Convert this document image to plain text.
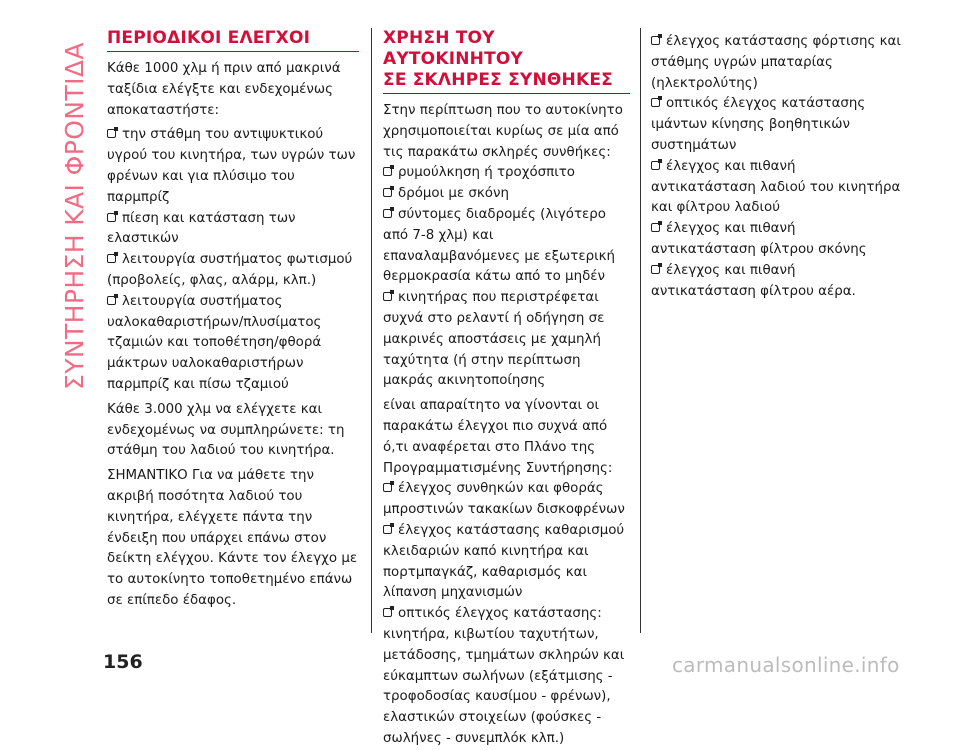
ΣΥΝΤΗΡΗΣΗ ΚΑΙ ΦΡΟΝΤΙΔΑ
ΠΕΡΙΟΔΙΚΟΙ ΕΛΕΓΧΟΙ

Κάθε 1000 χλμ ή πριν από μακρινά ταξίδια ελέγξτε και ενδεχομένως αποκαταστήστε:

την στάθμη του αντιψυκτικού υγρού του κινητήρα, των υγρών των φρένων και για πλύσιμο του παρμπρίζ
πίεση και κατάσταση των ελαστικών
λειτουργία συστήματος φωτισμού (προβολείς, φλας, αλάρμ, κλπ.)
λειτουργία συστήματος υαλοκαθαριστήρων/πλυσίματος τζαμιών και τοποθέτηση/φθορά μάκτρων υαλοκαθαριστήρων παρμπρίζ και πίσω τζαμιού

Κάθε 3.000 χλμ να ελέγχετε και ενδεχομένως να συμπληρώνετε: τη στάθμη του λαδιού του κινητήρα.

ΣΗΜΑΝΤΙΚΟ Για να μάθετε την ακριβή ποσότητα λαδιού του κινητήρα, ελέγχετε πάντα την ένδειξη που υπάρχει επάνω στον δείκτη ελέγχου. Κάντε τον έλεγχο με το αυτοκίνητο τοποθετημένο επάνω σε επίπεδο έδαφος.

ΧΡΗΣΗ ΤΟΥ ΑΥΤΟΚΙΝΗΤΟΥ
ΣΕ ΣΚΛΗΡΕΣ ΣΥΝΘΗΚΕΣ

Στην περίπτωση που το αυτοκίνητο χρησιμοποιείται κυρίως σε μία από τις παρακάτω σκληρές συνθήκες:

ρυμούλκηση ή τροχόσπιτο
δρόμοι με σκόνη
σύντομες διαδρομές (λιγότερο από 7-8 χλμ) και επαναλαμβανόμενες με εξωτερική θερμοκρασία κάτω από το μηδέν
κινητήρας που περιστρέφεται συχνά στο ρελαντί ή οδήγηση σε μακρινές αποστάσεις με χαμηλή ταχύτητα (ή στην περίπτωση μακράς ακινητοποίησης

είναι απαραίτητο να γίνονται οι παρακάτω έλεγχοι πιο συχνά από ό,τι αναφέρεται στο Πλάνο της Προγραμματισμένης Συντήρησης:

έλεγχος συνθηκών και φθοράς μπροστινών τακακίων δισκοφρένων
έλεγχος κατάστασης καθαρισμού κλειδαριών καπό κινητήρα και πορτμπαγκάζ, καθαρισμός και λίπανση μηχανισμών
οπτικός έλεγχος κατάστασης: κινητήρα, κιβωτίου ταχυτήτων, μετάδοσης, τμημάτων σκληρών και εύκαμπτων σωλήνων (εξάτμισης - τροφοδοσίας καυσίμου - φρένων), ελαστικών στοιχείων (φούσκες - σωλήνες - συνεμπλόκ κλπ.)
έλεγχος κατάστασης φόρτισης και στάθμης υγρών μπαταρίας (ηλεκτρολύτης)
οπτικός έλεγχος κατάστασης ιμάντων κίνησης βοηθητικών συστημάτων
έλεγχος και πιθανή αντικατάσταση λαδιού του κινητήρα και φίλτρου λαδιού
έλεγχος και πιθανή αντικατάσταση φίλτρου σκόνης
έλεγχος και πιθανή αντικατάσταση φίλτρου αέρα.
156	carmanualsonline.info
